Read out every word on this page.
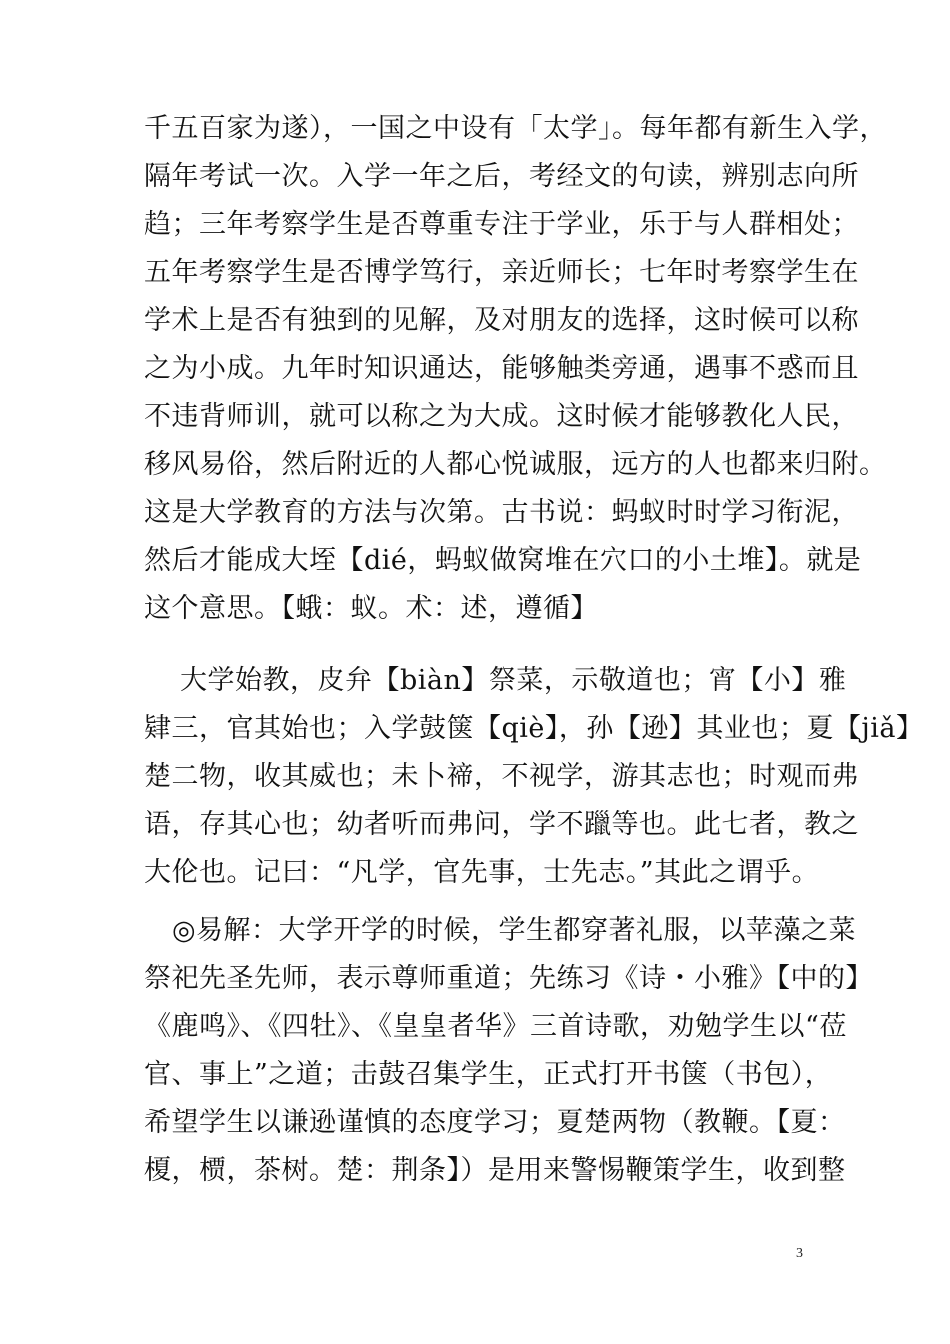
千五百家为遂），一国之中设有「太学」。每年都有新生入学，
隔年考试一次。入学一年之后，考经文的句读，辨别志向所
趋；三年考察学生是否尊重专注于学业，乐于与人群相处；
五年考察学生是否博学笃行，亲近师长；七年时考察学生在
学术上是否有独到的见解，及对朋友的选择，这时候可以称
之为小成。九年时知识通达，能够触类旁通，遇事不惑而且
不违背师训，就可以称之为大成。这时候才能够教化人民，
移风易俗，然后附近的人都心悦诚服，远方的人也都来归附。
这是大学教育的方法与次第。古书说：蚂蚁时时学习衔泥，
然后才能成大垤【dié，蚂蚁做窝堆在穴口的小土堆】。就是
这个意思。【蛾：蚁。术：述，遵循】
大学始教，皮弁【biàn】祭菜，示敬道也；宵【小】雅
肄三，官其始也；入学鼓箧【qiè】，孙【逊】其业也；夏【jiǎ】
楚二物，收其威也；未卜禘，不视学，游其志也；时观而弗
语，存其心也；幼者听而弗问，学不躐等也。此七者，教之
大伦也。记曰：“凡学，官先事，士先志。”其此之谓乎。
◎易解：大学开学的时候，学生都穿著礼服，以苹藻之菜
祭祀先圣先师，表示尊师重道；先练习《诗・小雅》【中的】
《鹿鸣》、《四牡》、《皇皇者华》三首诗歌，劝勉学生以“莅
官、事上”之道；击鼓召集学生，正式打开书箧（书包），
希望学生以谦逊谨慎的态度学习；夏楚两物（教鞭。【夏：
榎，槚，茶树。楚：荆条】）是用来警惕鞭策学生，收到整
3
